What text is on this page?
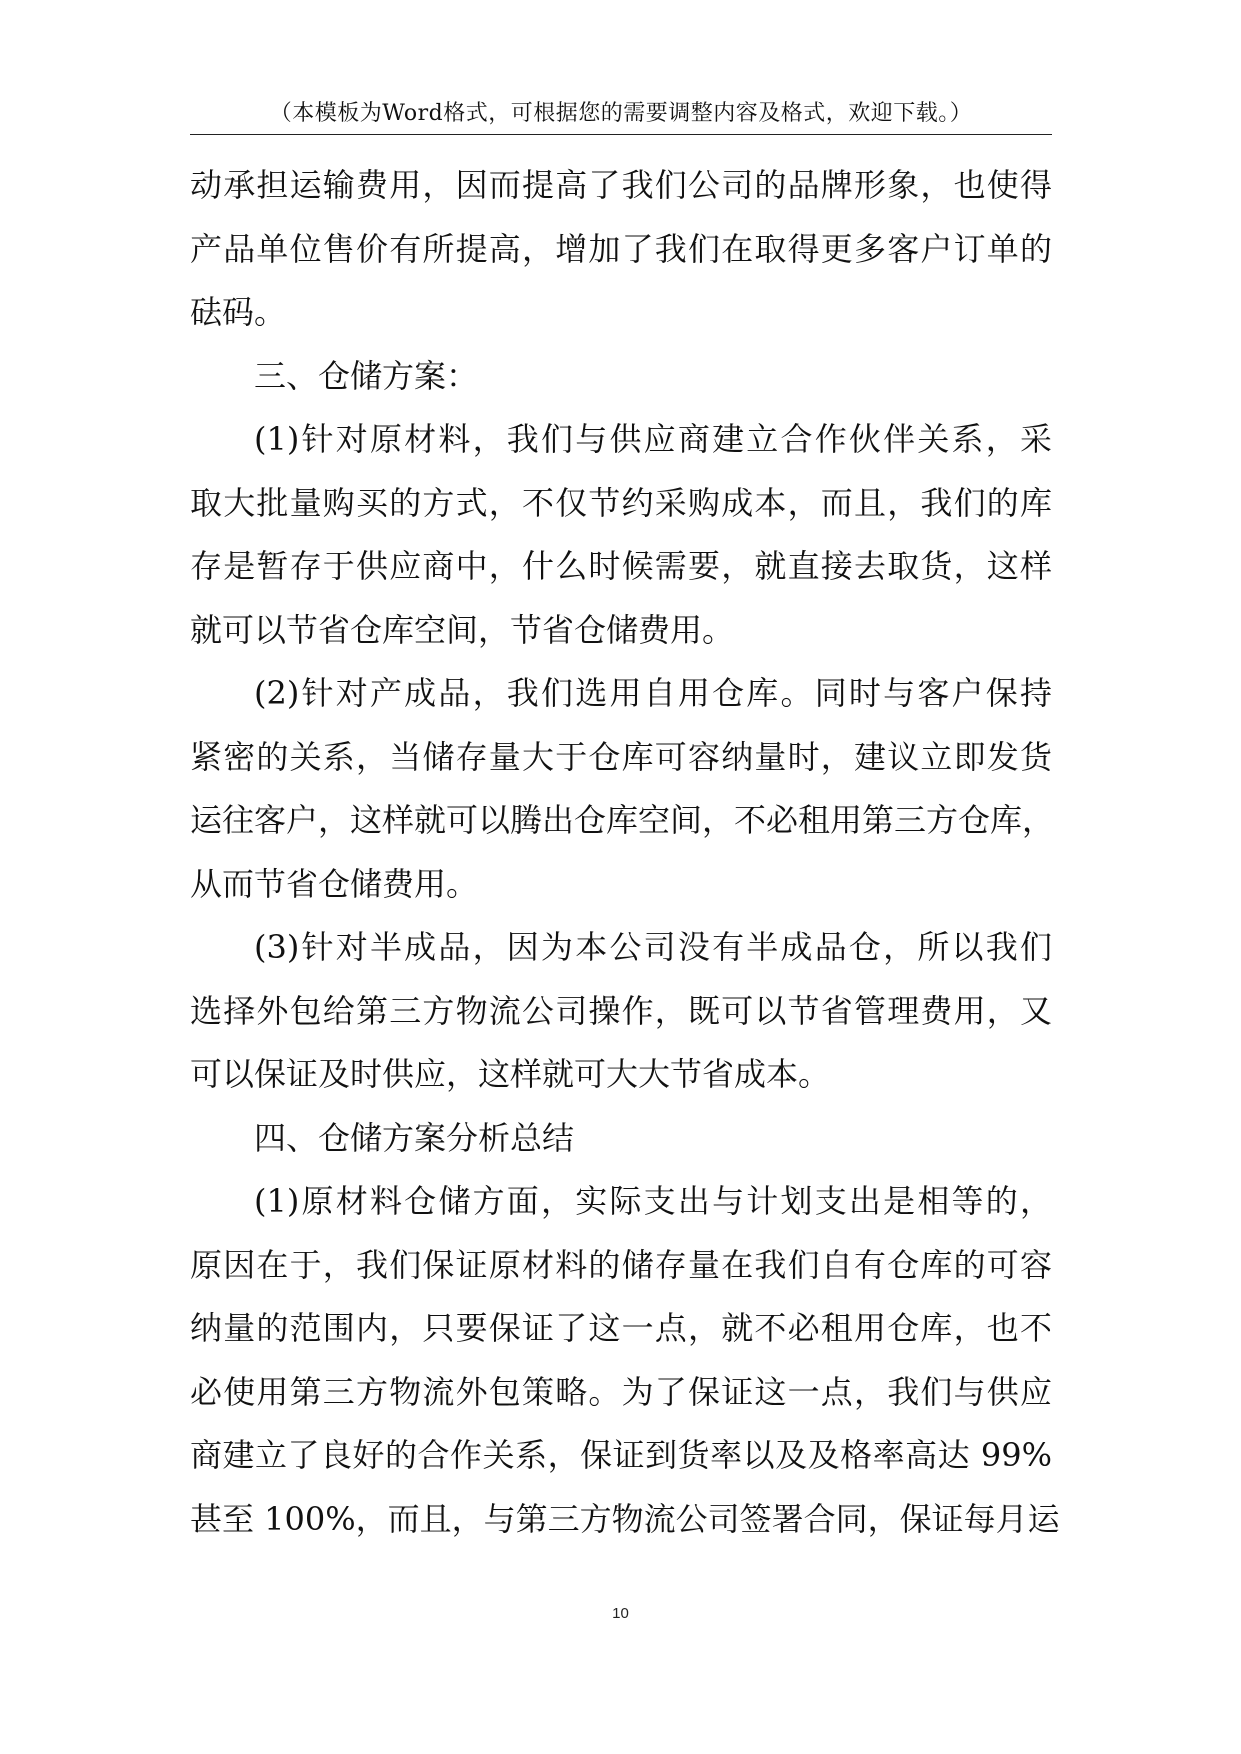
（本模板为Word格式，可根据您的需要调整内容及格式，欢迎下载。）
动承担运输费用，因而提高了我们公司的品牌形象，也使得
产品单位售价有所提高，增加了我们在取得更多客户订单的
砝码。
三、仓储方案：
(1)针对原材料，我们与供应商建立合作伙伴关系，采
取大批量购买的方式，不仅节约采购成本，而且，我们的库
存是暂存于供应商中，什么时候需要，就直接去取货，这样
就可以节省仓库空间，节省仓储费用。
(2)针对产成品，我们选用自用仓库。同时与客户保持
紧密的关系，当储存量大于仓库可容纳量时，建议立即发货
运往客户，这样就可以腾出仓库空间，不必租用第三方仓库，
从而节省仓储费用。
(3)针对半成品，因为本公司没有半成品仓，所以我们
选择外包给第三方物流公司操作，既可以节省管理费用，又
可以保证及时供应，这样就可大大节省成本。
四、仓储方案分析总结
(1)原材料仓储方面，实际支出与计划支出是相等的，
原因在于，我们保证原材料的储存量在我们自有仓库的可容
纳量的范围内，只要保证了这一点，就不必租用仓库，也不
必使用第三方物流外包策略。为了保证这一点，我们与供应
商建立了良好的合作关系，保证到货率以及及格率高达 99%
甚至 100%，而且，与第三方物流公司签署合同，保证每月运
10
